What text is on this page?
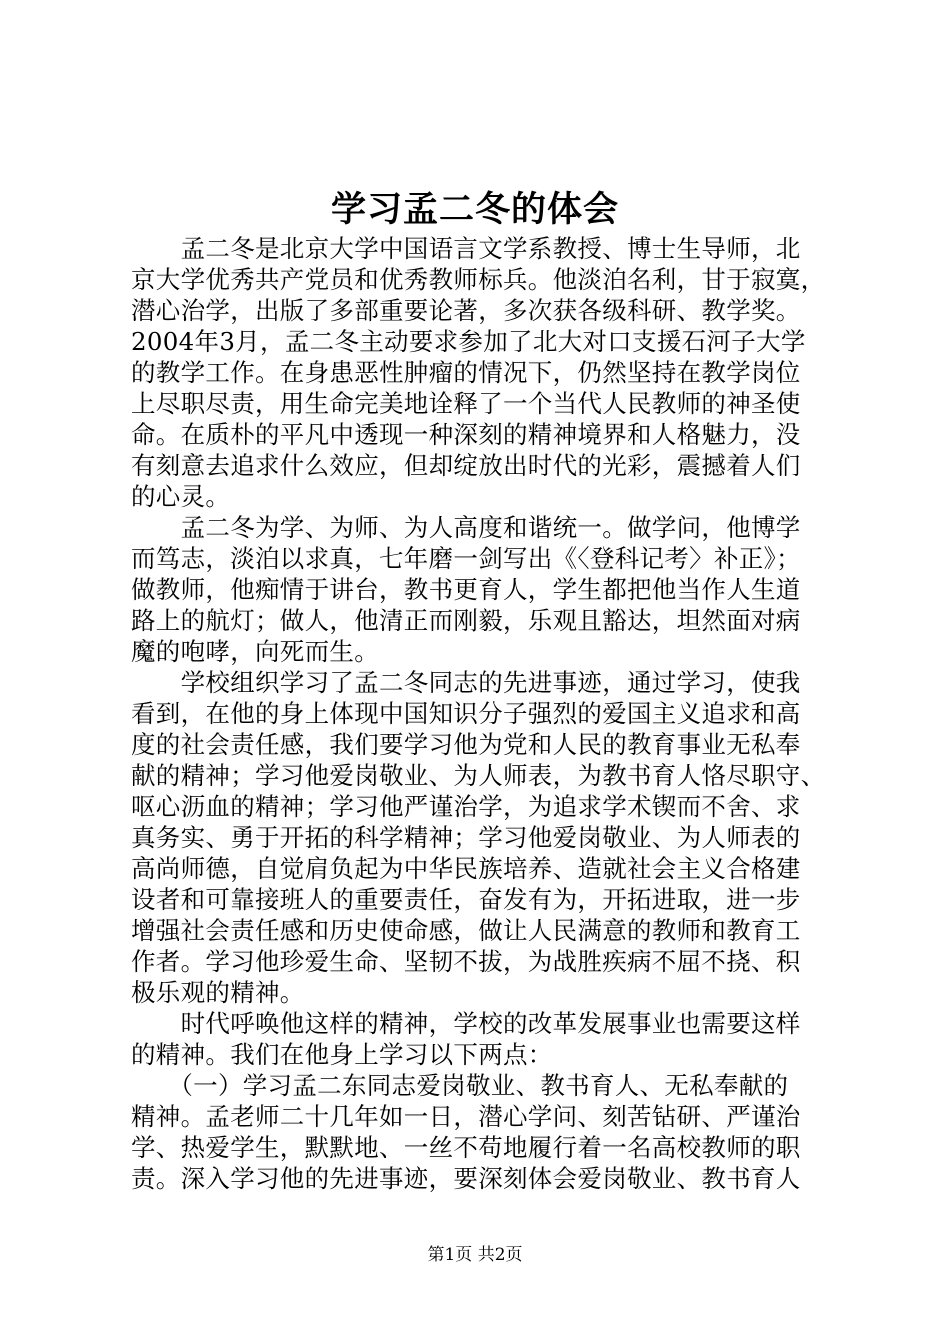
学习孟二冬的体会
　　孟二冬是北京大学中国语言文学系教授、博士生导师，北
京大学优秀共产党员和优秀教师标兵。他淡泊名利，甘于寂寞，
潜心治学，出版了多部重要论著，多次获各级科研、教学奖。
2004年3月，孟二冬主动要求参加了北大对口支援石河子大学
的教学工作。在身患恶性肿瘤的情况下，仍然坚持在教学岗位
上尽职尽责，用生命完美地诠释了一个当代人民教师的神圣使
命。在质朴的平凡中透现一种深刻的精神境界和人格魅力，没
有刻意去追求什么效应，但却绽放出时代的光彩，震撼着人们
的心灵。
　　孟二冬为学、为师、为人高度和谐统一。做学问，他博学
而笃志，淡泊以求真，七年磨一剑写出《〈登科记考〉补正》；
做教师，他痴情于讲台，教书更育人，学生都把他当作人生道
路上的航灯；做人，他清正而刚毅，乐观且豁达，坦然面对病
魔的咆哮，向死而生。
　　学校组织学习了孟二冬同志的先进事迹，通过学习，使我
看到，在他的身上体现中国知识分子强烈的爱国主义追求和高
度的社会责任感，我们要学习他为党和人民的教育事业无私奉
献的精神；学习他爱岗敬业、为人师表，为教书育人恪尽职守、
呕心沥血的精神；学习他严谨治学，为追求学术锲而不舍、求
真务实、勇于开拓的科学精神；学习他爱岗敬业、为人师表的
高尚师德，自觉肩负起为中华民族培养、造就社会主义合格建
设者和可靠接班人的重要责任，奋发有为，开拓进取，进一步
增强社会责任感和历史使命感，做让人民满意的教师和教育工
作者。学习他珍爱生命、坚韧不拔，为战胜疾病不屈不挠、积
极乐观的精神。
　　时代呼唤他这样的精神，学校的改革发展事业也需要这样
的精神。我们在他身上学习以下两点：
　　（一）学习孟二东同志爱岗敬业、教书育人、无私奉献的
精神。孟老师二十几年如一日，潜心学问、刻苦钻研、严谨治
学、热爱学生，默默地、一丝不苟地履行着一名高校教师的职
责。深入学习他的先进事迹，要深刻体会爱岗敬业、教书育人
第1页 共2页
